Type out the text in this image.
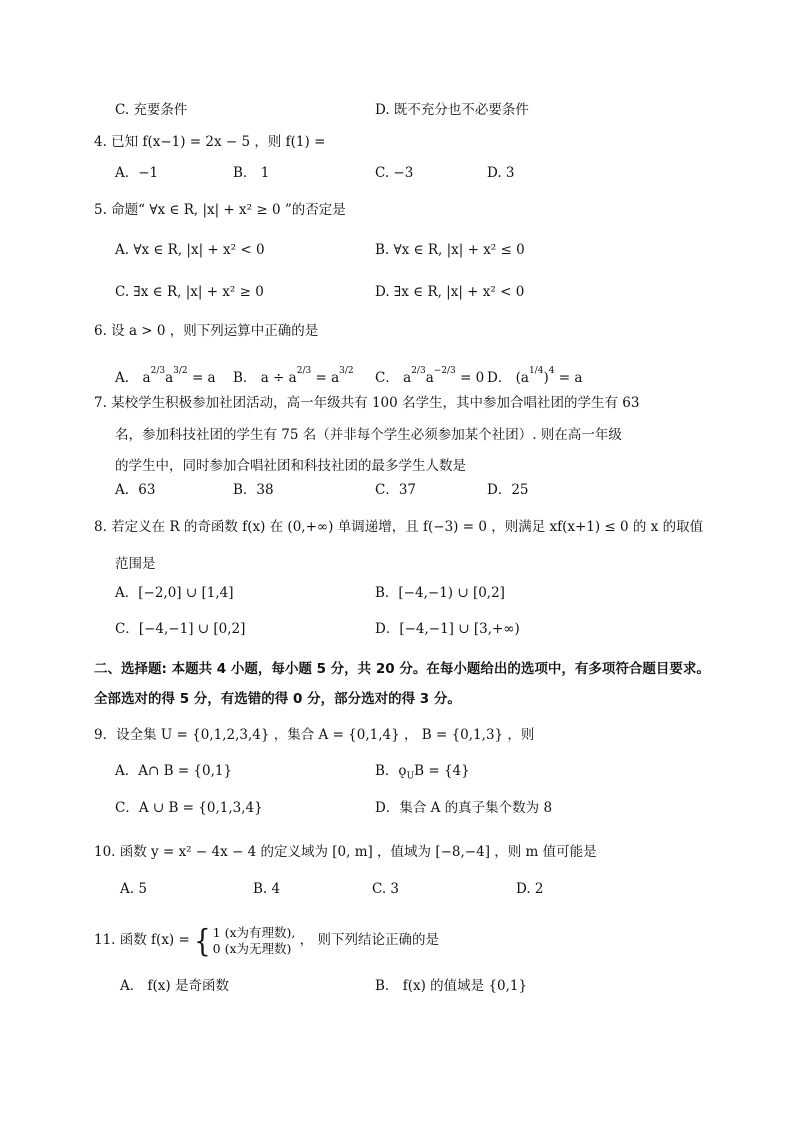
C. 充要条件	D. 既不充分也不必要条件
4. 已知 f(x−1) = 2x − 5 ，则 f(1) =
A．−1	B． 1	C. −3	D. 3
5. 命题“ ∀x ∈ R, |x| + x² ≥ 0 ”的否定是
A. ∀x ∈ R, |x| + x² < 0	B. ∀x ∈ R, |x| + x² ≤ 0
C. ∃x ∈ R, |x| + x² ≥ 0	D. ∃x ∈ R, |x| + x² < 0
6. 设 a > 0 ，则下列运算中正确的是
A． $a^{2/3}a^{3/2} = a$ B． $a \div a^{2/3} = a^{3/2}$ C． $a^{2/3}a^{-2/3} = 0$ D． $(a^{1/4})^4 = a$
7. 某校学生积极参加社团活动，高一年级共有 100 名学生，其中参加合唱社团的学生有 63
名，参加科技社团的学生有 75 名（并非每个学生必须参加某个社团）. 则在高一年级
的学生中，同时参加合唱社团和科技社团的最多学生人数是
A．63	B．38	C．37	D．25
8. 若定义在 R 的奇函数 f(x) 在 (0,+∞) 单调递增，且 f(−3) = 0 ，则满足 xf(x+1) ≤ 0 的 x 的取值
范围是
A．[−2,0] ∪ [1,4]	B．[−4,−1) ∪ [0,2]
C．[−4,−1] ∪ [0,2]	D．[−4,−1] ∪ [3,+∞)
二、选择题: 本题共 4 小题，每小题 5 分，共 20 分。在每小题给出的选项中，有多项符合题目要求。
全部选对的得 5 分，有选错的得 0 分，部分选对的得 3 分。
9．设全集 U = {0,1,2,3,4} ，集合 A = {0,1,4} ， B = {0,1,3} ，则
A．A∩ B = {0,1}	B．$ǫ_UB = \{4\}$
C．A ∪ B = {0,1,3,4}	D．集合 A 的真子集个数为 8
10. 函数 y = x² − 4x − 4 的定义域为 [0, m] ，值域为 [−8,−4] ，则 m 值可能是
A. 5	B. 4	C. 3	D. 2
11. 函数 f(x) = { 1 (x为有理数),
0 (x为无理数) ， 则下列结论正确的是
A． f(x) 是奇函数	B． f(x) 的值域是 {0,1}
